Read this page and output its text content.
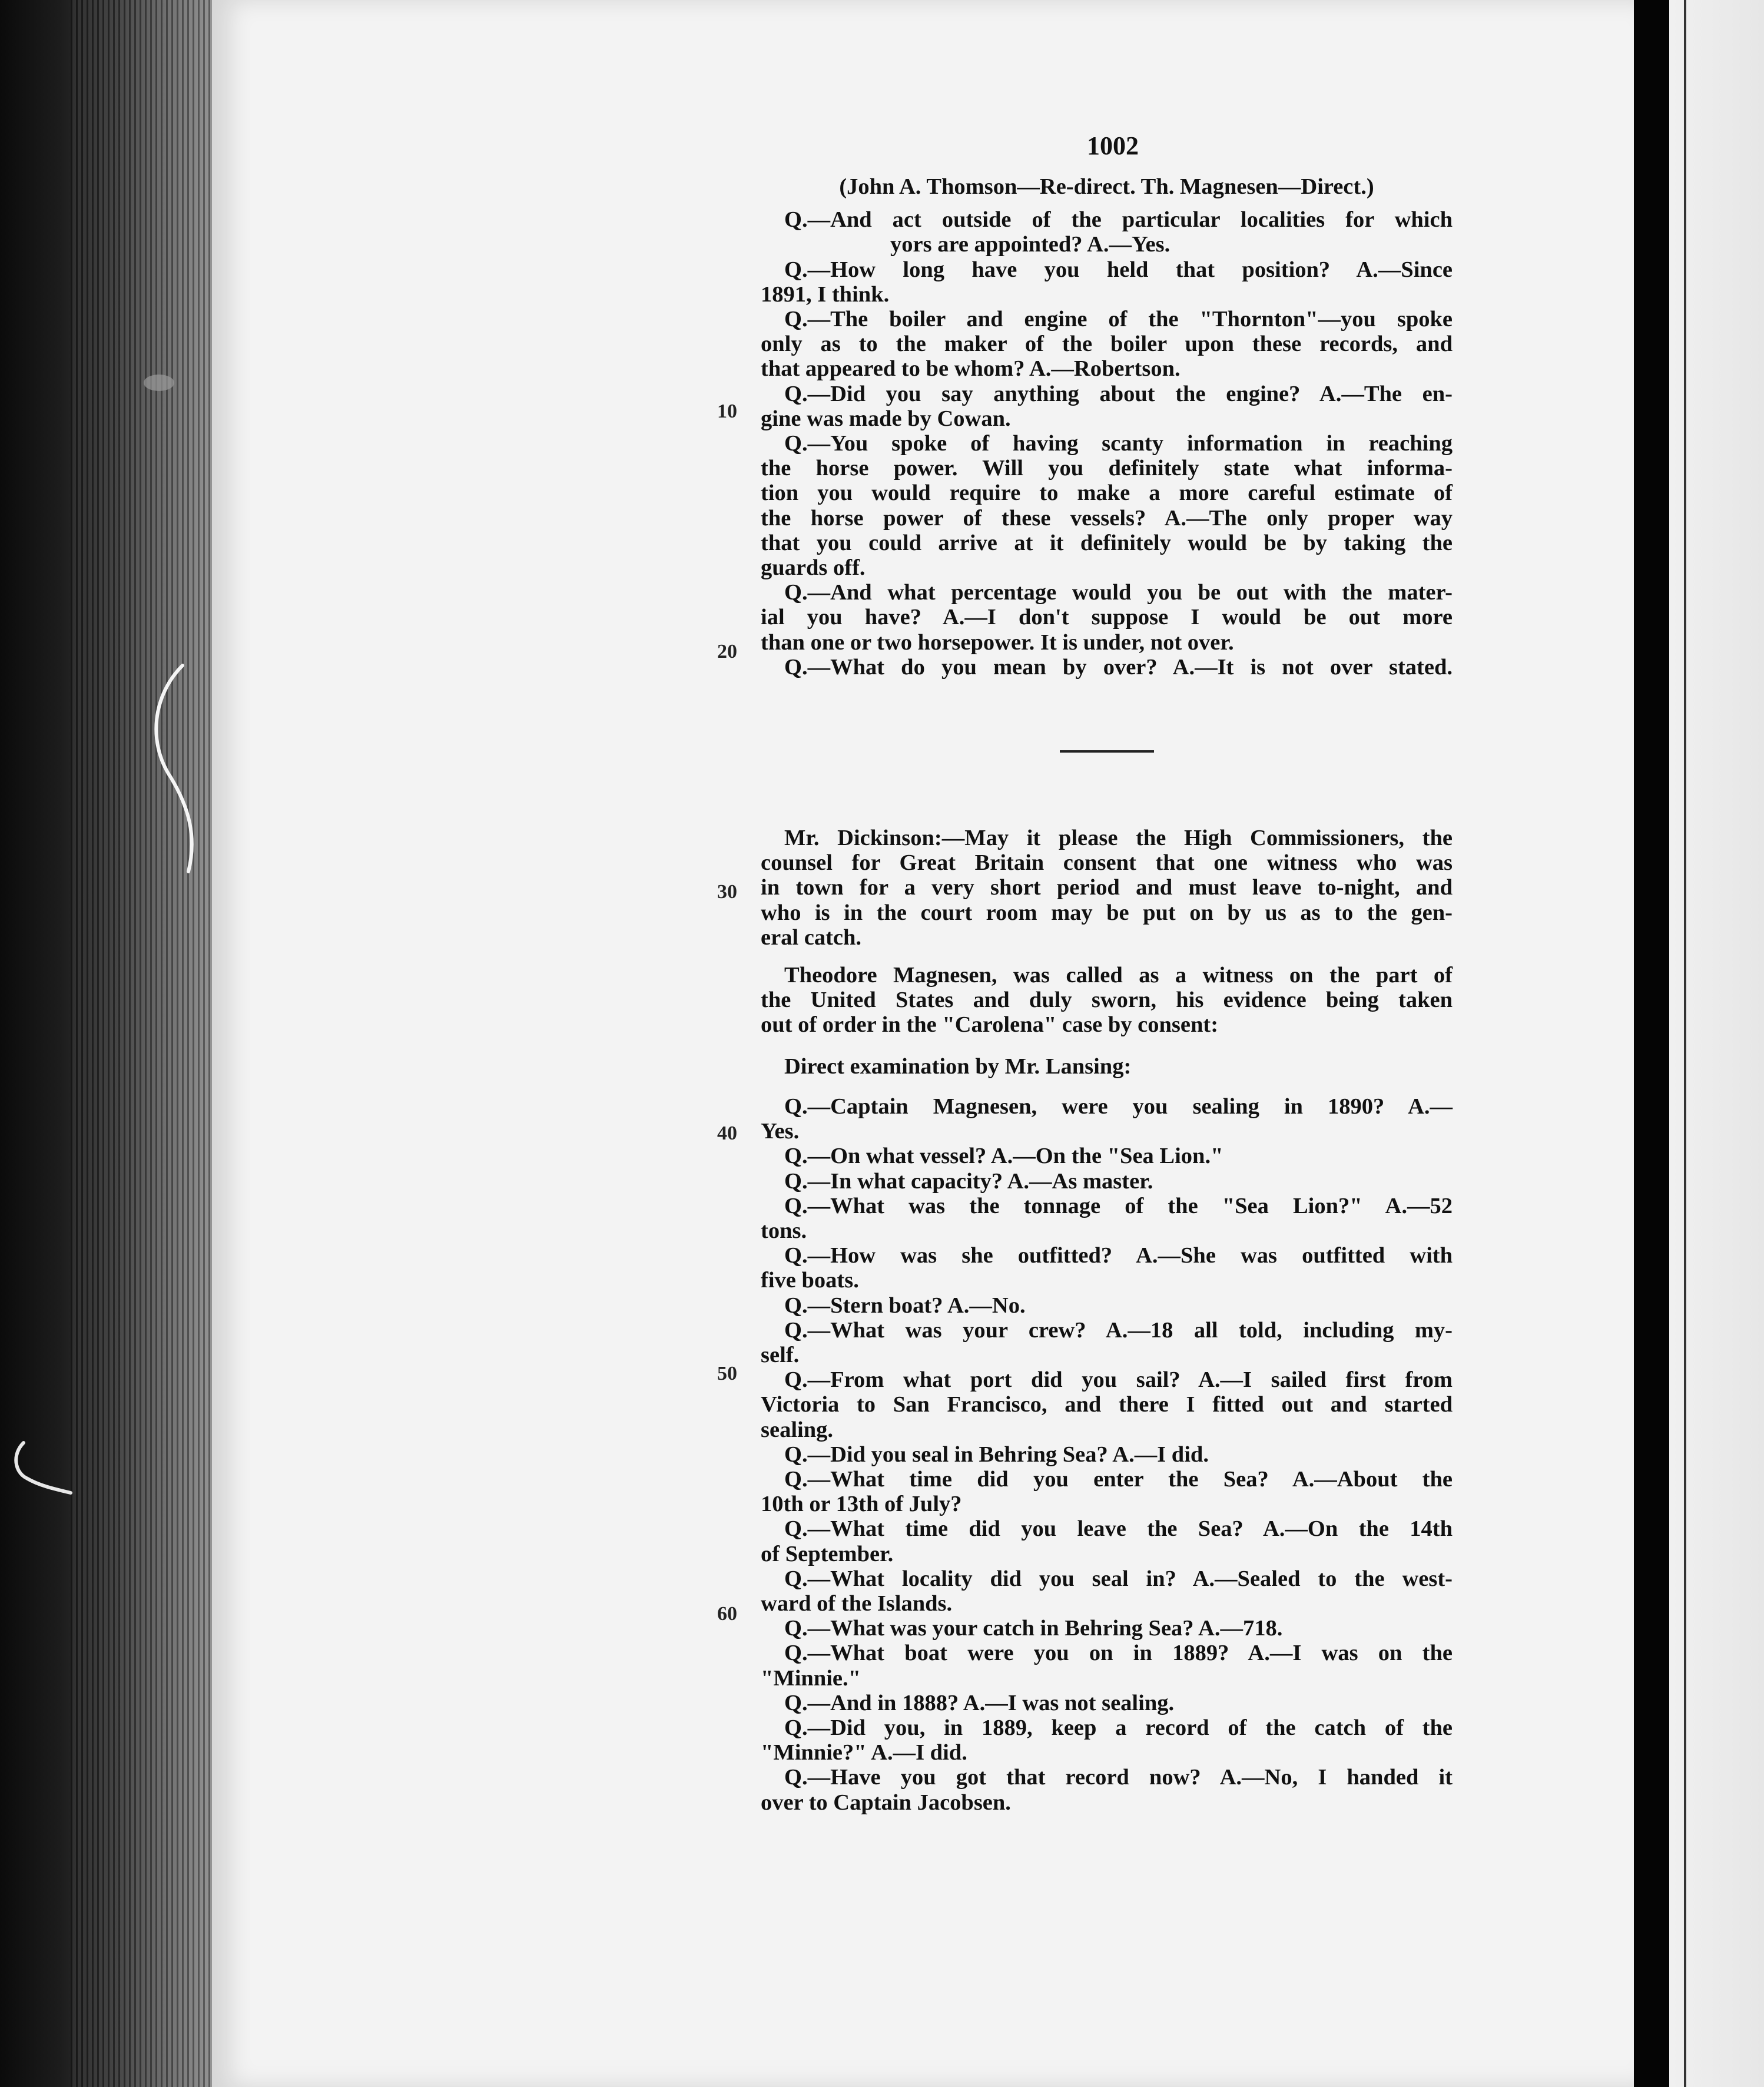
1002
10
20
30
40
50
60
(John A. Thomson—Re-direct. Th. Magnesen—Direct.)
Q.—And act outside of the particular localities for which
yors are appointed? A.—Yes.
Q.—How long have you held that position? A.—Since
1891, I think.
Q.—The boiler and engine of the "Thornton"—you spoke
only as to the maker of the boiler upon these records, and
that appeared to be whom? A.—Robertson.
Q.—Did you say anything about the engine? A.—The en-
gine was made by Cowan.
Q.—You spoke of having scanty information in reaching
the horse power. Will you definitely state what informa-
tion you would require to make a more careful estimate of
the horse power of these vessels? A.—The only proper way
that you could arrive at it definitely would be by taking the
guards off.
Q.—And what percentage would you be out with the mater-
ial you have? A.—I don't suppose I would be out more
than one or two horsepower. It is under, not over.
Q.—What do you mean by over? A.—It is not over stated.
Mr. Dickinson:—May it please the High Commissioners, the
counsel for Great Britain consent that one witness who was
in town for a very short period and must leave to-night, and
who is in the court room may be put on by us as to the gen-
eral catch.
Theodore Magnesen, was called as a witness on the part of
the United States and duly sworn, his evidence being taken
out of order in the "Carolena" case by consent:
Direct examination by Mr. Lansing:
Q.—Captain Magnesen, were you sealing in 1890? A.—
Yes.
Q.—On what vessel? A.—On the "Sea Lion."
Q.—In what capacity? A.—As master.
Q.—What was the tonnage of the "Sea Lion?" A.—52
tons.
Q.—How was she outfitted? A.—She was outfitted with
five boats.
Q.—Stern boat? A.—No.
Q.—What was your crew? A.—18 all told, including my-
self.
Q.—From what port did you sail? A.—I sailed first from
Victoria to San Francisco, and there I fitted out and started
sealing.
Q.—Did you seal in Behring Sea? A.—I did.
Q.—What time did you enter the Sea? A.—About the
10th or 13th of July?
Q.—What time did you leave the Sea? A.—On the 14th
of September.
Q.—What locality did you seal in? A.—Sealed to the west-
ward of the Islands.
Q.—What was your catch in Behring Sea? A.—718.
Q.—What boat were you on in 1889? A.—I was on the
"Minnie."
Q.—And in 1888? A.—I was not sealing.
Q.—Did you, in 1889, keep a record of the catch of the
"Minnie?" A.—I did.
Q.—Have you got that record now? A.—No, I handed it
over to Captain Jacobsen.
